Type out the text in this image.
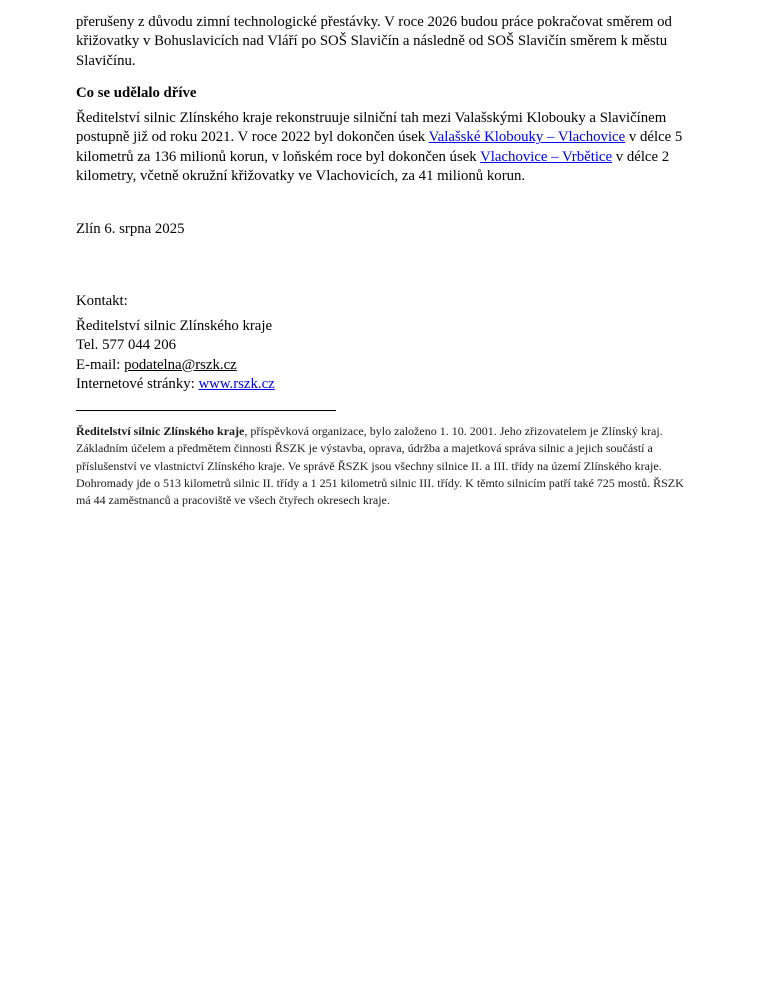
přerušeny z důvodu zimní technologické přestávky. V roce 2026 budou práce pokračovat směrem od křižovatky v Bohuslavicích nad Vláří po SOŠ Slavičín a následně od SOŠ Slavičín směrem k městu Slavičínu.

Co se udělalo dříve

Ředitelství silnic Zlínského kraje rekonstruuje silniční tah mezi Valašskými Klobouky a Slavičínem postupně již od roku 2021. V roce 2022 byl dokončen úsek Valašské Klobouky – Vlachovice v délce 5 kilometrů za 136 milionů korun, v loňském roce byl dokončen úsek Vlachovice – Vrbětice v délce 2 kilometry, včetně okružní křižovatky ve Vlachovicích, za 41 milionů korun.

Zlín 6. srpna 2025

Kontakt:

Ředitelství silnic Zlínského kraje
Tel. 577 044 206
E-mail: podatelna@rszk.cz
Internetové stránky: www.rszk.cz

Ředitelství silnic Zlínského kraje, příspěvková organizace, bylo založeno 1. 10. 2001. Jeho zřizovatelem je Zlínský kraj. Základním účelem a předmětem činnosti ŘSZK je výstavba, oprava, údržba a majetková správa silnic a jejich součástí a příslušenství ve vlastnictví Zlínského kraje. Ve správě ŘSZK jsou všechny silnice II. a III. třídy na území Zlínského kraje. Dohromady jde o 513 kilometrů silnic II. třídy a 1 251 kilometrů silnic III. třídy. K těmto silnicím patří také 725 mostů. ŘSZK má 44 zaměstnanců a pracoviště ve všech čtyřech okresech kraje.
